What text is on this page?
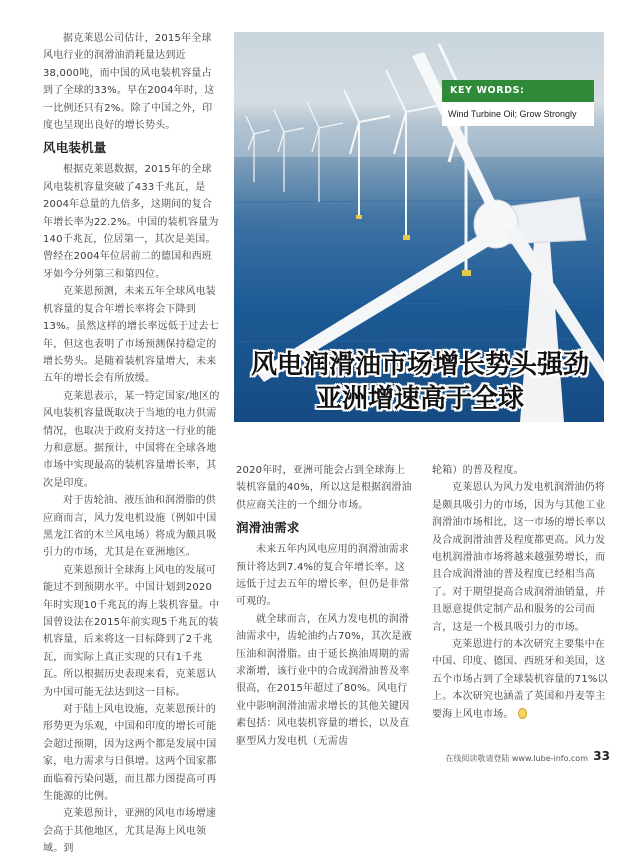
据克莱恩公司估计，2015年全球风电行业的润滑油消耗量达到近38,000吨，而中国的风电装机容量占到了全球的33%。早在2004年时，这一比例还只有2%。除了中国之外，印度也呈现出良好的增长势头。

风电装机量

根据克莱恩数据，2015年的全球风电装机容量突破了433千兆瓦，是2004年总量的九倍多，这期间的复合年增长率为22.2%。中国的装机容量为140千兆瓦，位居第一，其次是美国。曾经在2004年位居前二的德国和西班牙如今分列第三和第四位。

克莱恩预测，未来五年全球风电装机容量的复合年增长率将会下降到13%。虽然这样的增长率远低于过去七年，但这也表明了市场预测保持稳定的增长势头。是随着装机容量增大，未来五年的增长会有所放缓。

克莱恩表示，某一特定国家/地区的风电装机容量既取决于当地的电力供需情况，也取决于政府支持这一行业的能力和意愿。据预计，中国将在全球各地市场中实现最高的装机容量增长率，其次是印度。

对于齿轮油、液压油和润滑脂的供应商而言，风力发电机设施（例如中国黑龙江省的木兰风电场）将成为颇具吸引力的市场，尤其是在亚洲地区。

克莱恩预计全球海上风电的发展可能过不到预期水平。中国计划到2020年时实现10千兆瓦的海上装机容量。中国曾设法在2015年前实现5千兆瓦的装机容量，后来将这一目标降到了2千兆瓦，而实际上真正实现的只有1千兆瓦。所以根据历史表现来看，克莱恩认为中国可能无法达到这一目标。

对于陆上风电设施，克莱恩预计的形势更为乐观，中国和印度的增长可能会超过预期，因为这两个都是发展中国家，电力需求与日俱增。这两个国家都面临着污染问题，而且都力图提高可再生能源的比例。

克莱恩预计，亚洲的风电市场增速会高于其他地区，尤其是海上风电领域。到

KEY WORDS:
Wind Turbine Oil; Grow Strongly
风电润滑油市场增长势头强劲
亚洲增速高于全球

2020年时，亚洲可能会占到全球海上装机容量的40%，所以这是根据润滑油供应商关注的一个细分市场。

润滑油需求

未来五年内风电应用的润滑油需求预计将达到7.4%的复合年增长率。这远低于过去五年的增长率，但仍是非常可观的。

就全球而言，在风力发电机的润滑油需求中，齿轮油约占70%，其次是液压油和润滑脂。由于延长换油周期的需求渐增，该行业中的合成润滑油普及率很高，在2015年超过了80%。风电行业中影响润滑油需求增长的其他关键因素包括：风电装机容量的增长，以及直驱型风力发电机（无需齿

轮箱）的普及程度。

克莱恩认为风力发电机润滑油仍将是颇具吸引力的市场，因为与其他工业润滑油市场相比，这一市场的增长率以及合成润滑油普及程度都更高。风力发电机润滑油市场将越来越强势增长，而且合成润滑油的普及程度已经相当高了。对于期望提高合成润滑油销量，并且愿意提供定制产品和服务的公司而言，这是一个极具吸引力的市场。

克莱恩进行的本次研究主要集中在中国、印度、德国、西班牙和美国，这五个市场占到了全球装机容量的71%以上。本次研究也涵盖了英国和丹麦等主要海上风电市场。

在线阅读敬请登陆 www.lube-info.com 33
